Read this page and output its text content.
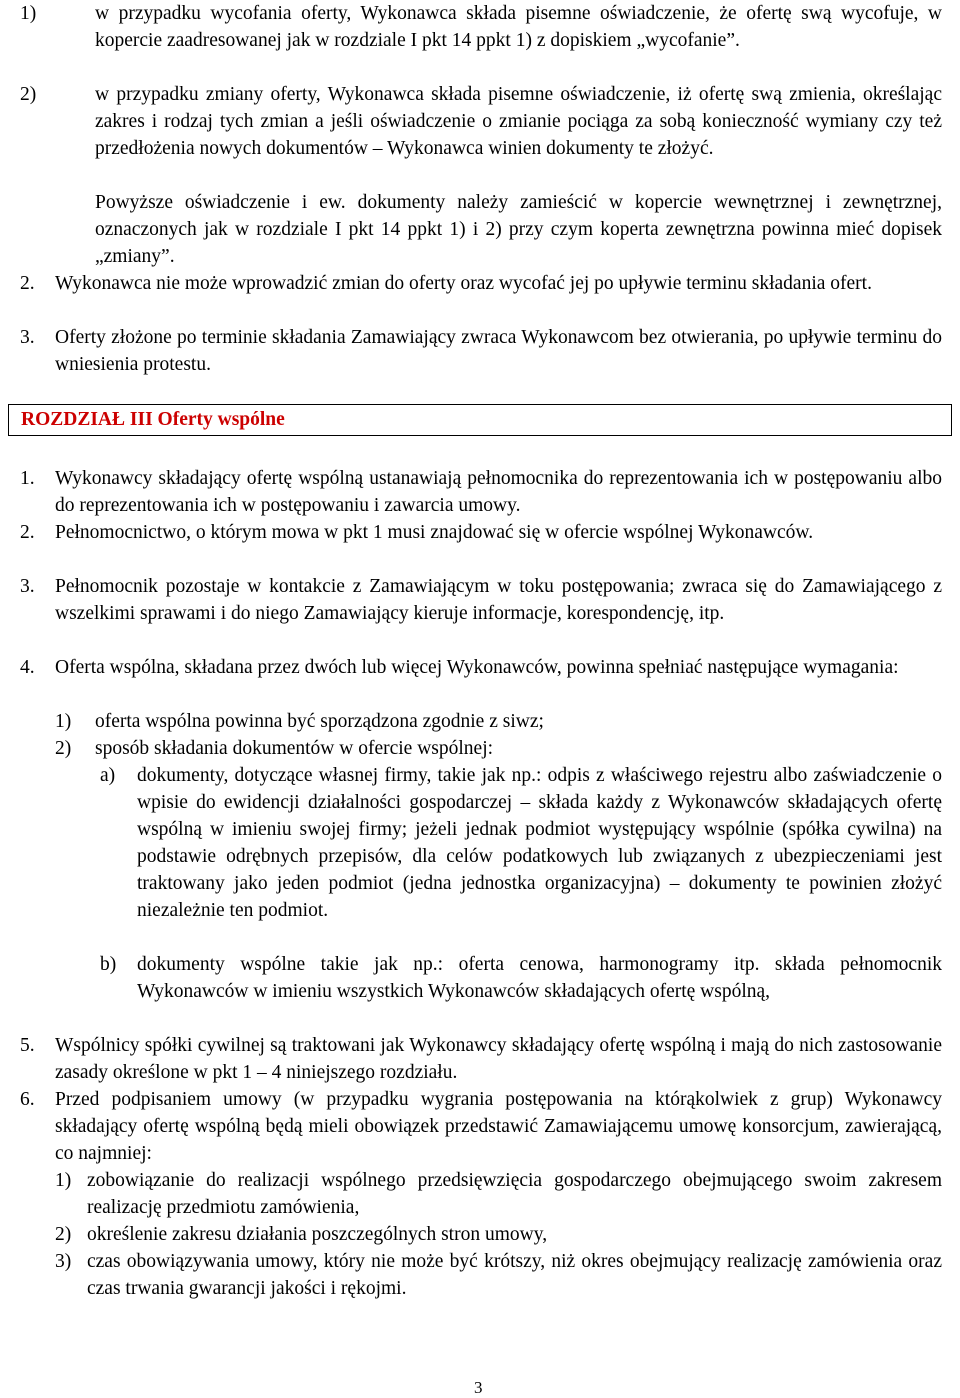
1)	w przypadku wycofania oferty, Wykonawca składa pisemne oświadczenie, że ofertę swą wycofuje, w kopercie zaadresowanej jak w rozdziale I pkt 14 ppkt 1) z dopiskiem „wycofanie”.
2)	w przypadku zmiany oferty, Wykonawca składa pisemne oświadczenie, iż ofertę swą zmienia, określając zakres i rodzaj tych zmian a jeśli oświadczenie o zmianie pociąga za sobą konieczność wymiany czy też przedłożenia nowych dokumentów – Wykonawca winien dokumenty te złożyć.
Powyższe oświadczenie i ew. dokumenty należy zamieścić w kopercie wewnętrznej i zewnętrznej, oznaczonych jak w rozdziale I pkt 14 ppkt 1) i 2) przy czym koperta zewnętrzna powinna mieć dopisek „zmiany”.
2.	Wykonawca nie może wprowadzić zmian do oferty oraz wycofać jej po upływie terminu składania ofert.
3.	Oferty złożone po terminie składania Zamawiający zwraca Wykonawcom bez otwierania, po upływie terminu do wniesienia protestu.
ROZDZIAŁ III Oferty wspólne
1.	Wykonawcy składający ofertę wspólną ustanawiają pełnomocnika do reprezentowania ich w postępowaniu albo do reprezentowania ich w postępowaniu i zawarcia umowy.
2.	Pełnomocnictwo, o którym mowa w pkt 1 musi znajdować się w ofercie wspólnej Wykonawców.
3.	Pełnomocnik pozostaje w kontakcie z Zamawiającym w toku postępowania; zwraca się do Zamawiającego z wszelkimi sprawami i do niego Zamawiający kieruje informacje, korespondencję, itp.
4.	Oferta wspólna, składana przez dwóch lub więcej Wykonawców, powinna spełniać następujące wymagania:
1)	oferta wspólna powinna być sporządzona zgodnie z siwz;
2)	sposób składania dokumentów w ofercie wspólnej:
a)	dokumenty, dotyczące własnej firmy, takie jak np.: odpis z właściwego rejestru albo zaświadczenie o wpisie do ewidencji działalności gospodarczej – składa każdy z Wykonawców składających ofertę wspólną w imieniu swojej firmy; jeżeli jednak podmiot występujący wspólnie (spółka cywilna) na podstawie odrębnych przepisów, dla celów podatkowych lub związanych z ubezpieczeniami jest traktowany jako jeden podmiot (jedna jednostka organizacyjna) – dokumenty te powinien złożyć niezależnie ten podmiot.
b)	dokumenty wspólne takie jak np.: oferta cenowa, harmonogramy itp. składa pełnomocnik Wykonawców w imieniu wszystkich Wykonawców składających ofertę wspólną,
5.	Wspólnicy spółki cywilnej są traktowani jak Wykonawcy składający ofertę wspólną i mają do nich zastosowanie zasady określone w pkt 1 – 4 niniejszego rozdziału.
6.	Przed podpisaniem umowy (w przypadku wygrania postępowania na którąkolwiek z grup) Wykonawcy składający ofertę wspólną będą mieli obowiązek przedstawić Zamawiającemu umowę konsorcjum, zawierającą, co najmniej:
1) zobowiązanie do realizacji wspólnego przedsięwzięcia gospodarczego obejmującego swoim zakresem realizację przedmiotu zamówienia,
2) określenie zakresu działania poszczególnych stron umowy,
3) czas obowiązywania umowy, który nie może być krótszy, niż okres obejmujący realizację zamówienia oraz czas trwania gwarancji jakości i rękojmi.
3
